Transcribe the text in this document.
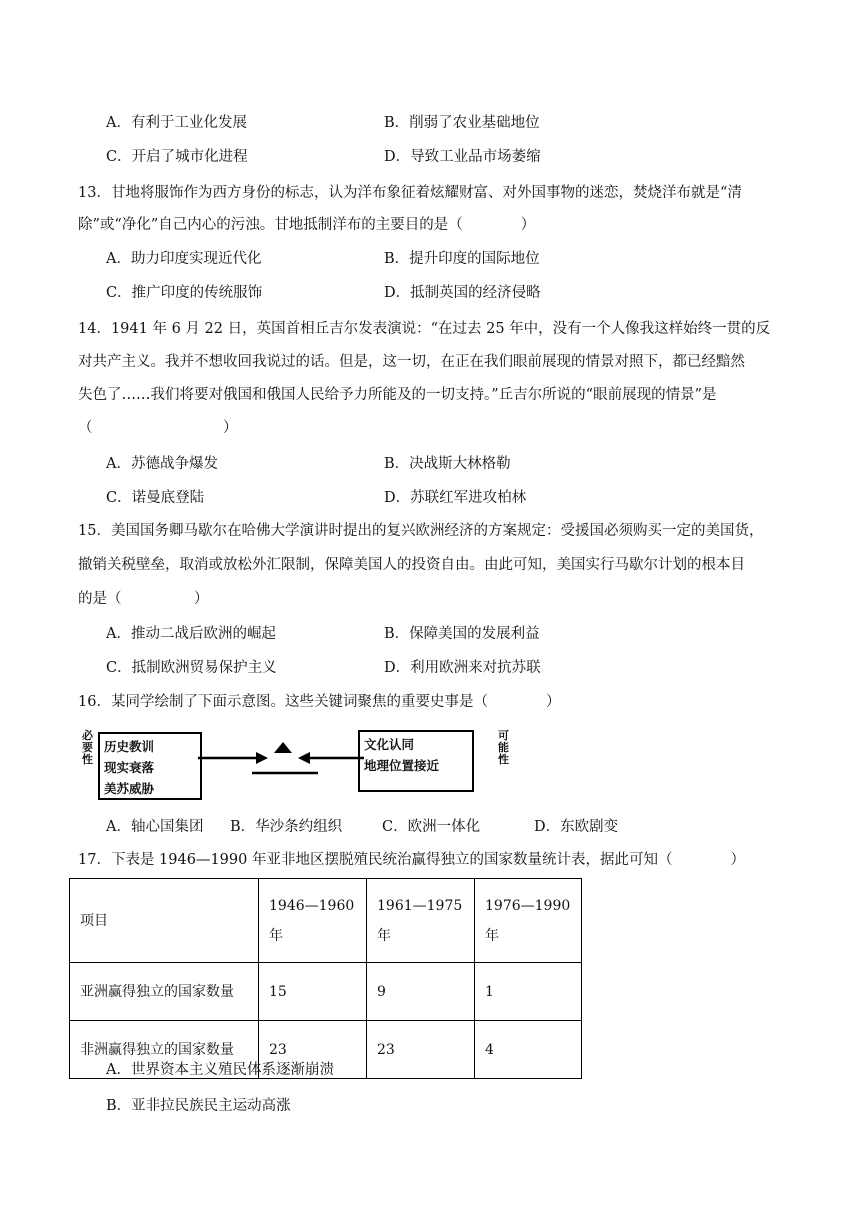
A．有利于工业化发展	B．削弱了农业基础地位
C．开启了城市化进程	D．导致工业品市场萎缩
13．甘地将服饰作为西方身份的标志，认为洋布象征着炫耀财富、对外国事物的迷恋，焚烧洋布就是“清
除”或“净化”自己内心的污浊。甘地抵制洋布的主要目的是（　　　　）
A．助力印度实现近代化	B．提升印度的国际地位
C．推广印度的传统服饰	D．抵制英国的经济侵略
14．1941 年 6 月 22 日，英国首相丘吉尔发表演说：“在过去 25 年中，没有一个人像我这样始终一贯的反
对共产主义。我并不想收回我说过的话。但是，这一切，在正在我们眼前展现的情景对照下，都已经黯然
失色了……我们将要对俄国和俄国人民给予力所能及的一切支持。”丘吉尔所说的“眼前展现的情景”是
（　　　　　　　　　）
A．苏德战争爆发	B．决战斯大林格勒
C．诺曼底登陆	D．苏联红军进攻柏林
15．美国国务卿马歇尔在哈佛大学演讲时提出的复兴欧洲经济的方案规定：受援国必须购买一定的美国货，
撤销关税壁垒，取消或放松外汇限制，保障美国人的投资自由。由此可知，美国实行马歇尔计划的根本目
的是（　　　　　）
A．推动二战后欧洲的崛起	B．保障美国的发展利益
C．抵制欧洲贸易保护主义	D．利用欧洲来对抗苏联
16．某同学绘制了下面示意图。这些关键词聚焦的重要史事是（　　　　）
必要性
历史教训
现实衰落
美苏威胁
文化认同
地理位置接近
可能性
A．轴心国集团 B．华沙条约组织	C．欧洲一体化	D．东欧剧变
17．下表是 1946—1990 年亚非地区摆脱殖民统治赢得独立的国家数量统计表，据此可知（　　　　）
项目	1946—1960 年	1961—1975 年	1976—1990 年
亚洲赢得独立的国家数量	15	9	1
非洲赢得独立的国家数量	23	23	4
A．世界资本主义殖民体系逐渐崩溃
B．亚非拉民族民主运动高涨
